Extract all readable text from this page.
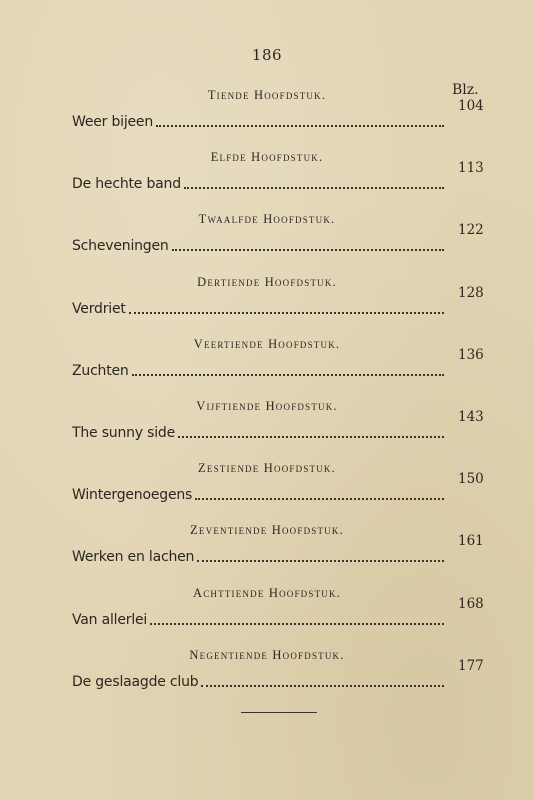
186
Blz.
Tiende Hoofdstuk.
Weer bijeen
104
Elfde Hoofdstuk.
De hechte band
113
Twaalfde Hoofdstuk.
Scheveningen
122
Dertiende Hoofdstuk.
Verdriet
128
Veertiende Hoofdstuk.
Zuchten
136
Vijftiende Hoofdstuk.
The sunny side
143
Zestiende Hoofdstuk.
Wintergenoegens
150
Zeventiende Hoofdstuk.
Werken en lachen
161
Achttiende Hoofdstuk.
Van allerlei
168
Negentiende Hoofdstuk.
De geslaagde club
177
